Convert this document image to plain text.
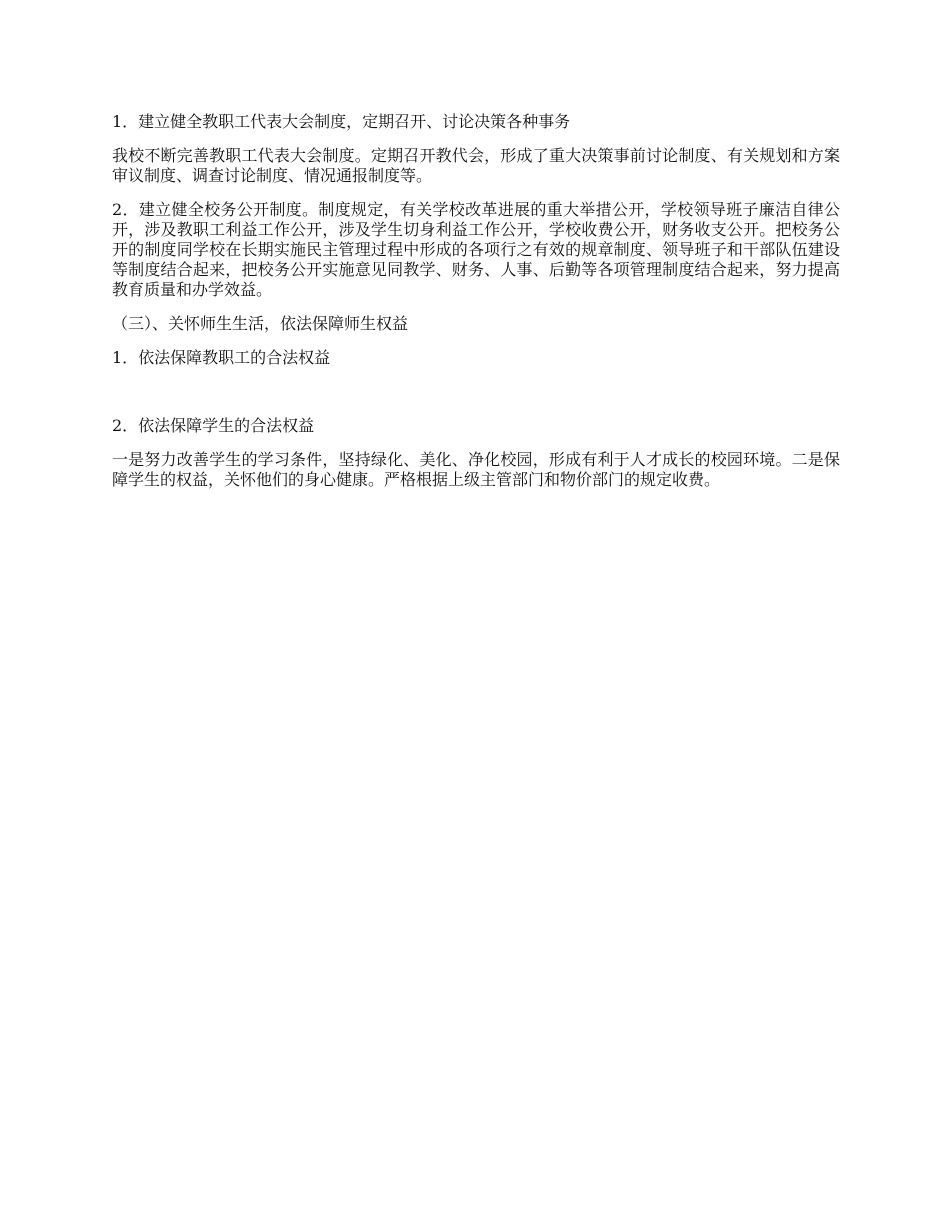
1．建立健全教职工代表大会制度，定期召开、讨论决策各种事务

我校不断完善教职工代表大会制度。定期召开教代会，形成了重大决策事前讨论制度、有关规划和方案审议制度、调查讨论制度、情况通报制度等。

2．建立健全校务公开制度。制度规定，有关学校改革进展的重大举措公开，学校领导班子廉洁自律公开，涉及教职工利益工作公开，涉及学生切身利益工作公开，学校收费公开，财务收支公开。把校务公开的制度同学校在长期实施民主管理过程中形成的各项行之有效的规章制度、领导班子和干部队伍建设等制度结合起来，把校务公开实施意见同教学、财务、人事、后勤等各项管理制度结合起来，努力提高教育质量和办学效益。

（三）、关怀师生生活，依法保障师生权益

1．依法保障教职工的合法权益

2．依法保障学生的合法权益

一是努力改善学生的学习条件，坚持绿化、美化、净化校园，形成有利于人才成长的校园环境。二是保障学生的权益，关怀他们的身心健康。严格根据上级主管部门和物价部门的规定收费。
